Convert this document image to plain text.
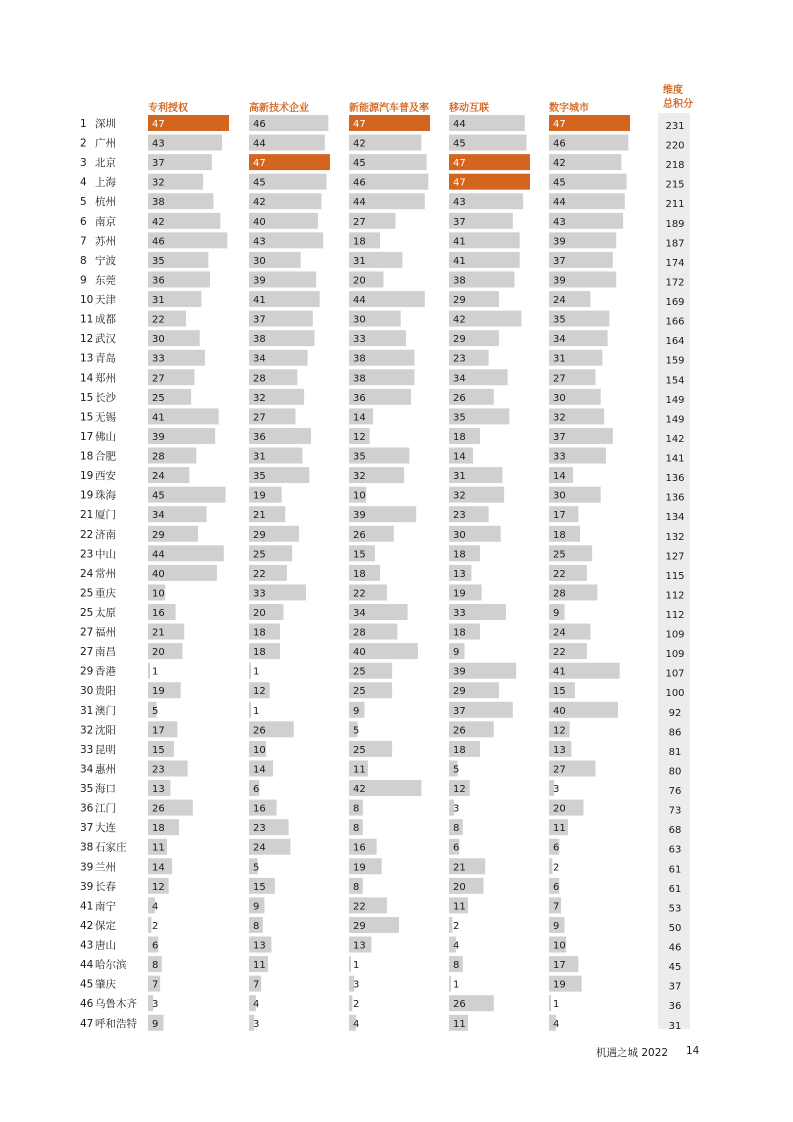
专利授权	高新技术企业	新能源汽车普及率 移动互联	数字城市
维度
总积分
1 深圳	47	46	47	44	47	231
2 广州	43	44	42	45	46	220
3 北京	37	47	45	47	42	218
4 上海	32	45	46	47	45	215
5 杭州	38	42	44	43	44	211
6 南京	42	40	27	37	43	189
7 苏州	46	43	18	41	39	187
8 宁波	35	30	31	41	37	174
9 东莞	36	39	20	38	39	172
10 天津	31	41	44	29	24	169
11 成都	22	37	30	42	35	166
12 武汉	30	38	33	29	34	164
13 青岛	33	34	38	23	31	159
14 郑州	27	28	38	34	27	154
15 长沙	25	32	36	26	30	149
15 无锡	41	27	14	35	32	149
17 佛山	39	36	12	18	37	142
18 合肥	28	31	35	14	33	141
19 西安	24	35	32	31	14	136
19 珠海	45	19	10	32	30	136
21 厦门	34	21	39	23	17	134
22 济南	29	29	26	30	18	132
23 中山	44	25	15	18	25	127
24 常州	40	22	18	13	22	115
25 重庆	10	33	22	19	28	112
25 太原	16	20	34	33	9	112
27 福州	21	18	28	18	24	109
27 南昌	20	18	40	9	22	109
29 香港	1	1	25	39	41	107
30 贵阳	19	12	25	29	15	100
31 澳门	5	1	9	37	40	92
32 沈阳	17	26	5	26	12	86
33 昆明	15	10	25	18	13	81
34 惠州	23	14	11	5	27	80
35 海口	13	6	42	12	3	76
36 江门	26	16	8	3	20	73
37 大连	18	23	8	8	11	68
38 石家庄	11	24	16	6	6	63
39 兰州	14	5	19	21	2	61
39 长春	12	15	8	20	6	61
41 南宁	4	9	22	11	7	53
42 保定	2	8	29	2	9	50
43 唐山	6	13	13	4	10	46
44 哈尔滨	8	11	1	8	17	45
45 肇庆	7	7	3	1	19	37
46 乌鲁木齐 3	4	2	26	1	36
47 呼和浩特 9	3	4	11	4	31
机遇之城 2022 14
